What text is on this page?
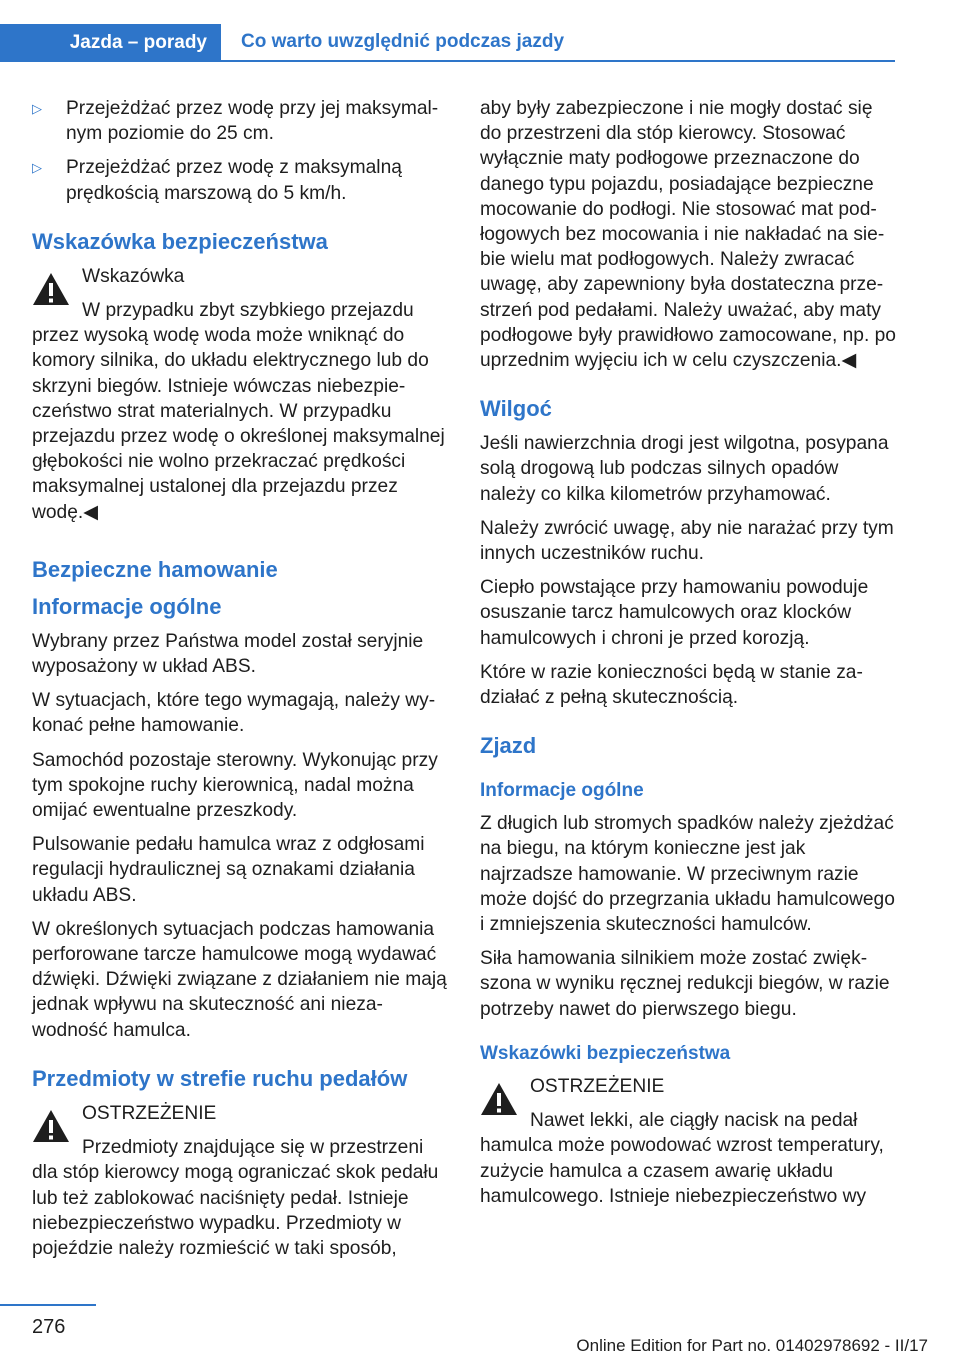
Jazda – porady Co warto uwzględnić podczas jazdy
▷	Przejeżdżać przez wodę przy jej maksymalnym poziomie do 25 cm.
▷	Przejeżdżać przez wodę z maksymalną prędkością marszową do 5 km/h.
Wskazówka bezpieczeństwa

Wskazówka

W przypadku zbyt szybkiego przejazdu przez wysoką wodę woda może wniknąć do komory silnika, do układu elektrycznego lub do skrzyni biegów. Istnieje wówczas niebezpieczeństwo strat materialnych. W przypadku przejazdu przez wodę o określonej maksymalnej głębokości nie wolno przekraczać prędkości maksymalnej ustalonej dla przejazdu przez wodę.◀

Bezpieczne hamowanie
Informacje ogólne

Wybrany przez Państwa model został seryjnie wyposażony w układ ABS.

W sytuacjach, które tego wymagają, należy wykonać pełne hamowanie.

Samochód pozostaje sterowny. Wykonując przy tym spokojne ruchy kierownicą, nadal można omijać ewentualne przeszkody.

Pulsowanie pedału hamulca wraz z odgłosami regulacji hydraulicznej są oznakami działania układu ABS.

W określonych sytuacjach podczas hamowania perforowane tarcze hamulcowe mogą wydawać dźwięki. Dźwięki związane z działaniem nie mają jednak wpływu na skuteczność ani niezawodność hamulca.

Przedmioty w strefie ruchu pedałów

OSTRZEŻENIE

Przedmioty znajdujące się w przestrzeni dla stóp kierowcy mogą ograniczać skok pedału lub też zablokować naciśnięty pedał. Istnieje niebezpieczeństwo wypadku. Przedmioty w pojeździe należy rozmieścić w taki sposób,

aby były zabezpieczone i nie mogły dostać się do przestrzeni dla stóp kierowcy. Stosować wyłącznie maty podłogowe przeznaczone do danego typu pojazdu, posiadające bezpieczne mocowanie do podłogi. Nie stosować mat podłogowych bez mocowania i nie nakładać na siebie wielu mat podłogowych. Należy zwracać uwagę, aby zapewniony była dostateczna przestrzeń pod pedałami. Należy uważać, aby maty podłogowe były prawidłowo zamocowane, np. po uprzednim wyjęciu ich w celu czyszczenia.◀

Wilgoć

Jeśli nawierzchnia drogi jest wilgotna, posypana solą drogową lub podczas silnych opadów należy co kilka kilometrów przyhamować.

Należy zwrócić uwagę, aby nie narażać przy tym innych uczestników ruchu.

Ciepło powstające przy hamowaniu powoduje osuszanie tarcz hamulcowych oraz klocków hamulcowych i chroni je przed korozją.

Które w razie konieczności będą w stanie zadziałać z pełną skutecznością.

Zjazd
Informacje ogólne

Z długich lub stromych spadków należy zjeżdżać na biegu, na którym konieczne jest jak najrzadsze hamowanie. W przeciwnym razie może dojść do przegrzania układu hamulcowego i zmniejszenia skuteczności hamulców.

Siła hamowania silnikiem może zostać zwiększona w wyniku ręcznej redukcji biegów, w razie potrzeby nawet do pierwszego biegu.

Wskazówki bezpieczeństwa

OSTRZEŻENIE

Nawet lekki, ale ciągły nacisk na pedał hamulca może powodować wzrost temperatury, zużycie hamulca a czasem awarię układu hamulcowego. Istnieje niebezpieczeństwo wy

276
Online Edition for Part no. 01402978692 - II/17
